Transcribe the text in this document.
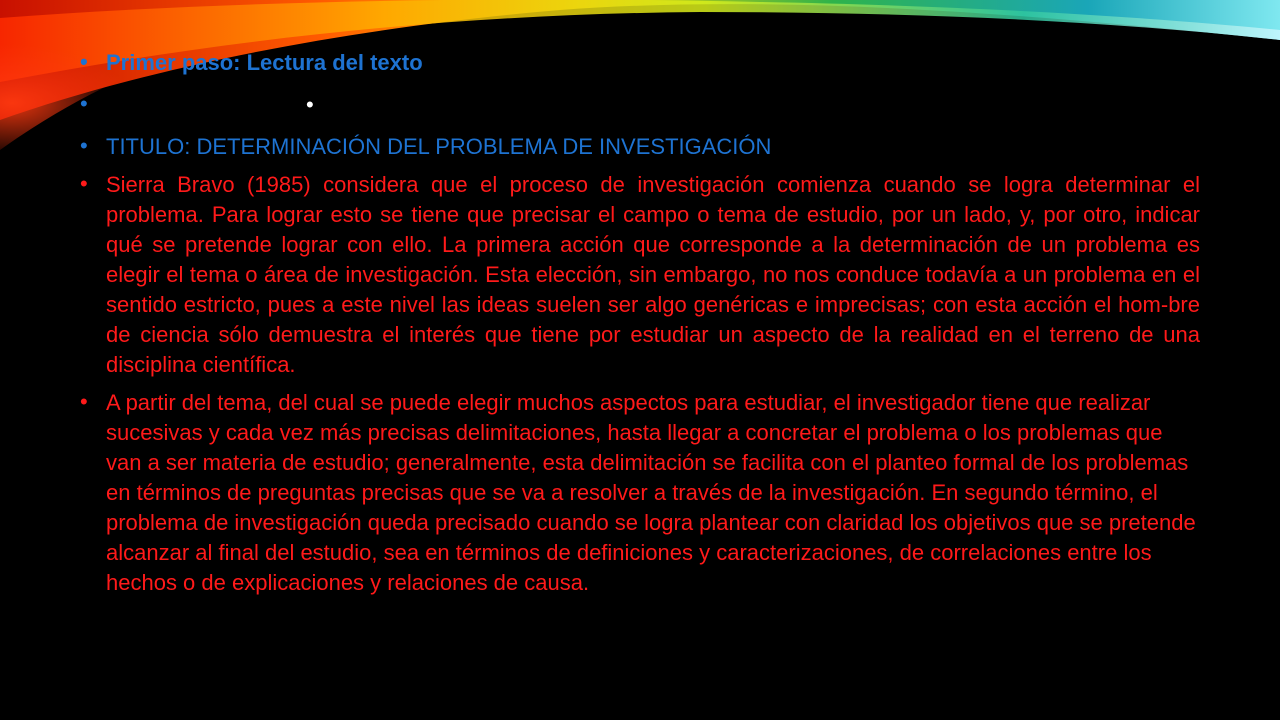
• Primer paso: Lectura del texto
•	•
• TITULO: DETERMINACIÓN DEL PROBLEMA DE INVESTIGACIÓN
• Sierra Bravo (1985) considera que el proceso de investigación comienza cuando se logra determinar el problema. Para lograr esto se tiene que precisar el campo o tema de estudio, por un lado, y, por otro, indicar qué se pretende lograr con ello. La primera acción que corresponde a la determinación de un problema es elegir el tema o área de investigación. Esta elección, sin embargo, no nos conduce todavía a un problema en el sentido estricto, pues a este nivel las ideas suelen ser algo genéricas e imprecisas; con esta acción el hom-bre de ciencia sólo demuestra el interés que tiene por estudiar un aspecto de la realidad en el terreno de una disciplina científica.
• A partir del tema, del cual se puede elegir muchos aspectos para estudiar, el investigador tiene que realizar sucesivas y cada vez más precisas delimitaciones, hasta llegar a concretar el problema o los problemas que van a ser materia de estudio; generalmente, esta delimitación se facilita con el planteo formal de los problemas en términos de preguntas precisas que se va a resolver a través de la investigación. En segundo término, el problema de investigación queda precisado cuando se logra plantear con claridad los objetivos que se pretende alcanzar al final del estudio, sea en términos de definiciones y caracterizaciones, de correlaciones entre los hechos o de explicaciones y relaciones de causa.
